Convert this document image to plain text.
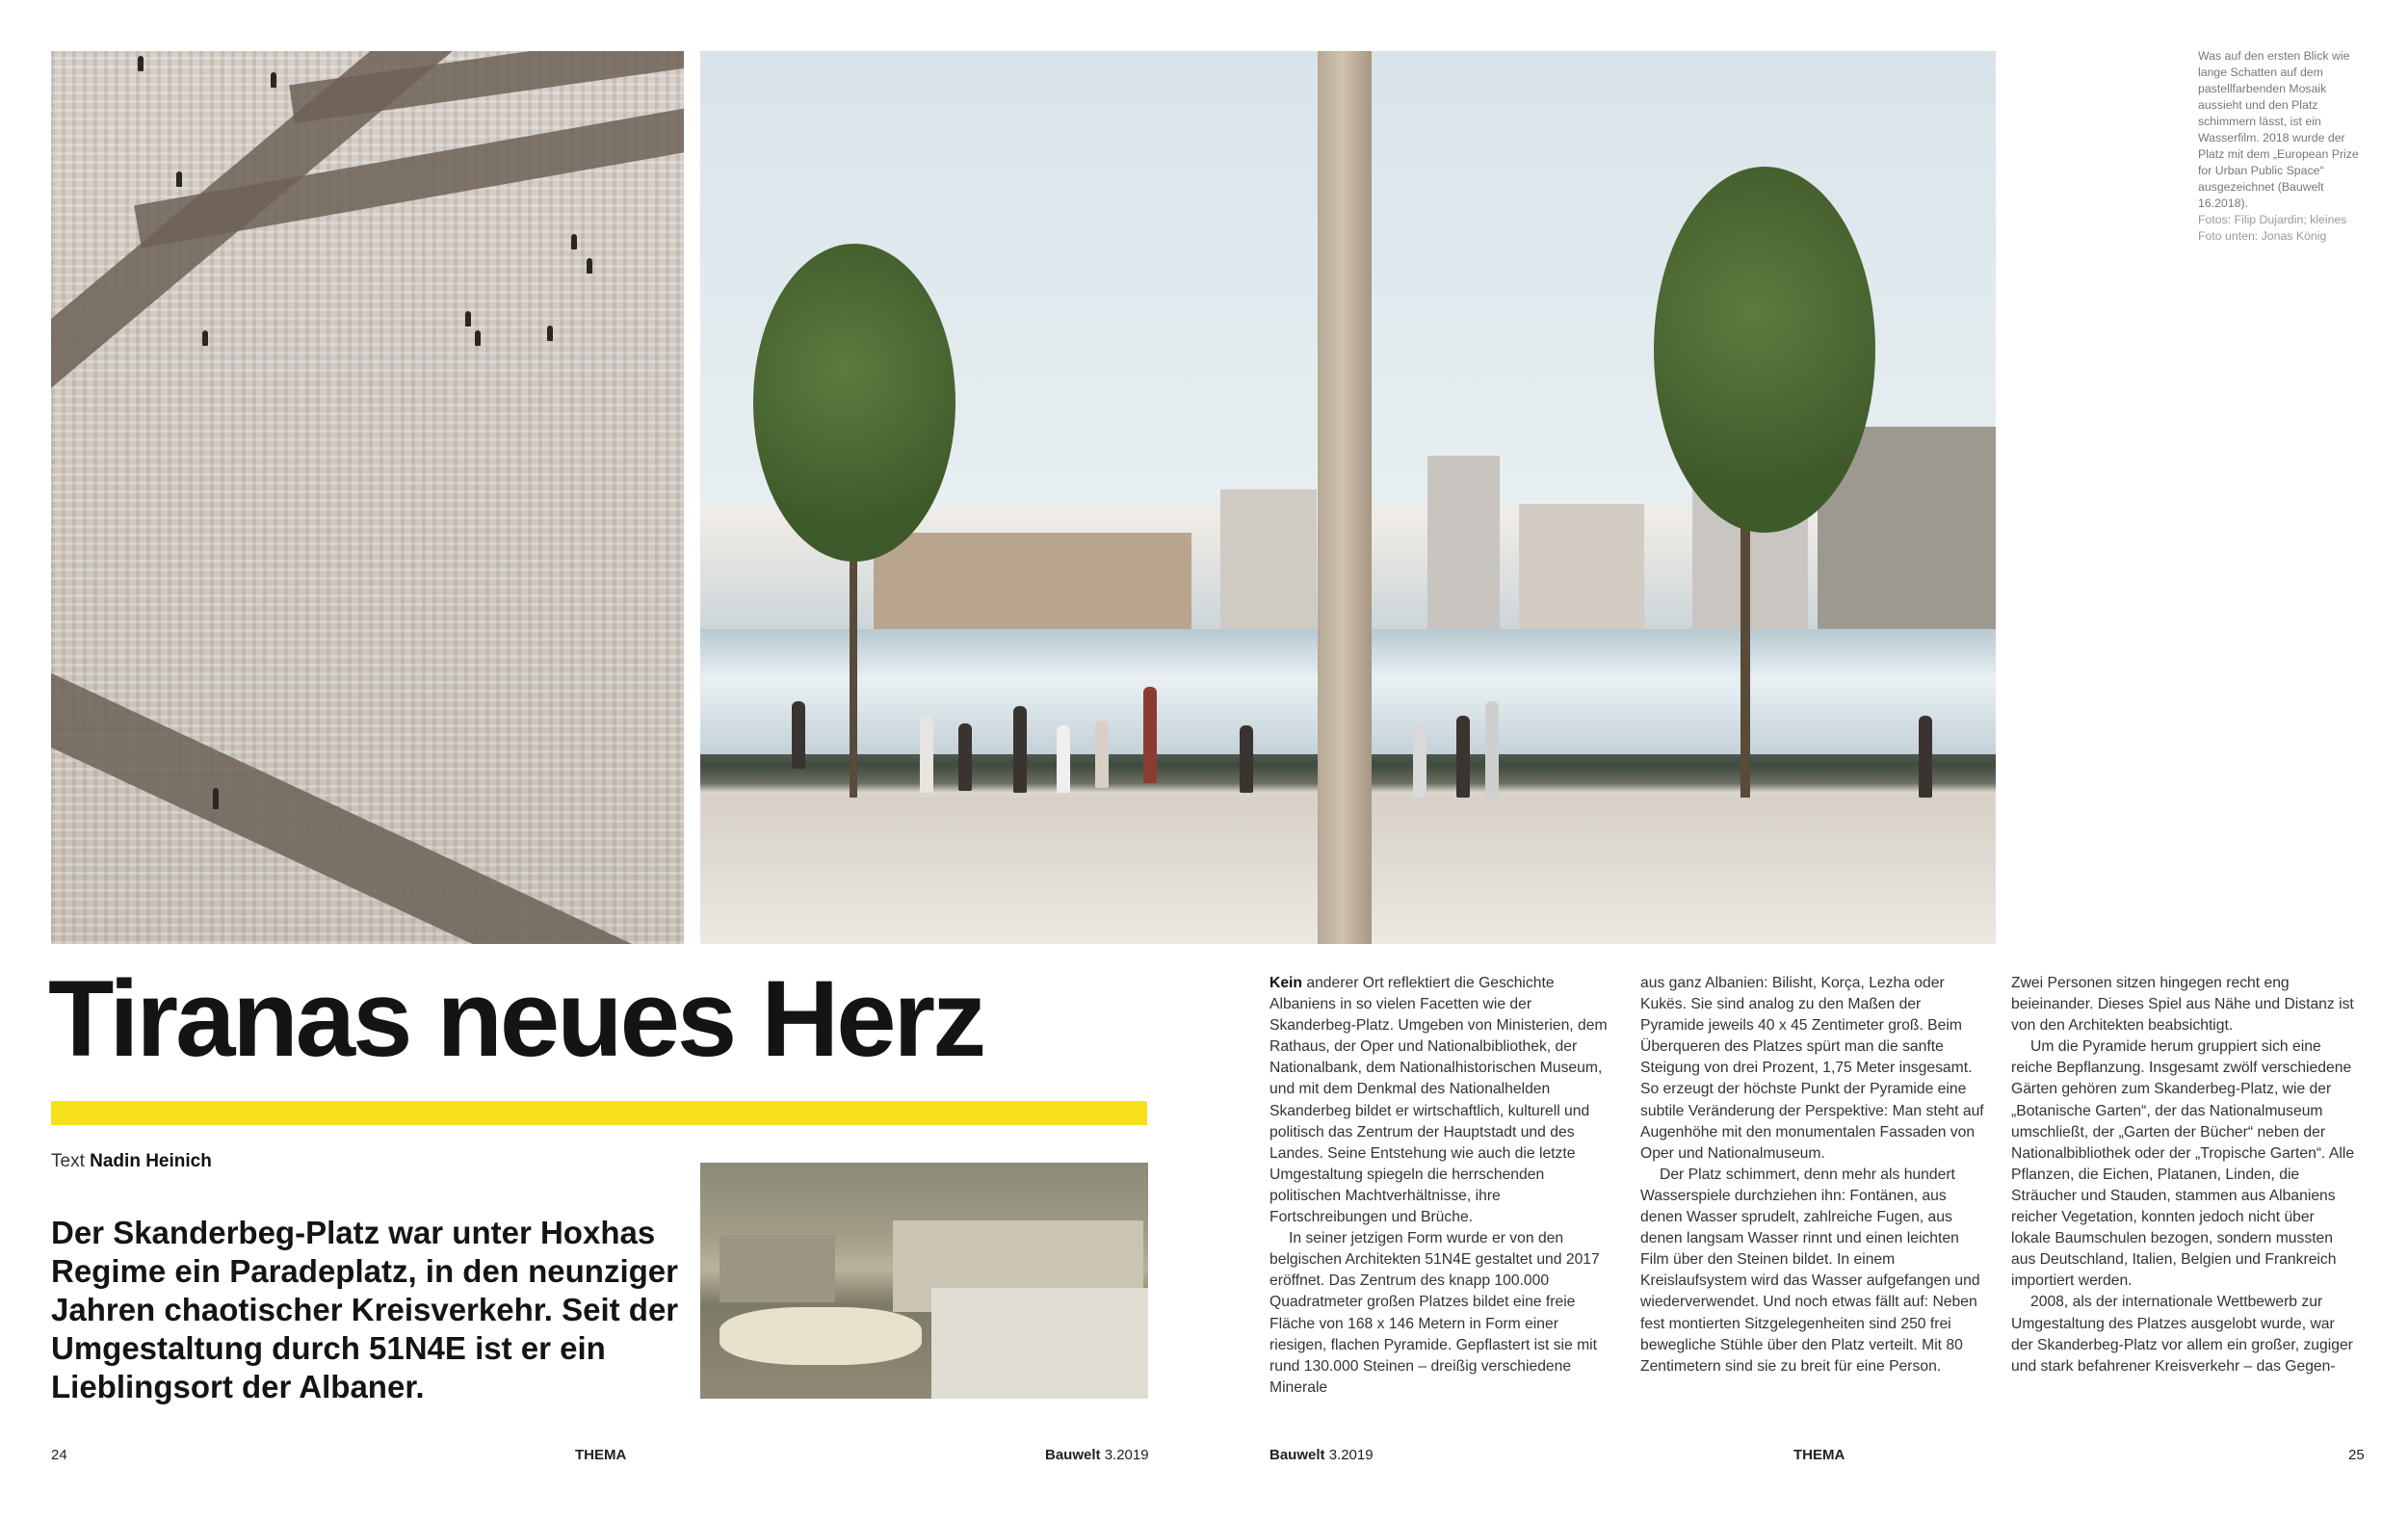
Was auf den ersten Blick wie lange Schatten auf dem pastellfarbenden Mosaik aussieht und den Platz schimmern lässt, ist ein Wasserfilm. 2018 wurde der Platz mit dem „European Prize for Urban Public Space“ ausgezeichnet (Bauwelt 16.2018).
Fotos: Filip Dujardin; kleines Foto unten: Jonas König
Tiranas neues Herz
Text Nadin Heinich

Der Skanderbeg-Platz war unter Hoxhas Regime ein Paradeplatz, in den neunziger Jahren chaotischer Kreisverkehr. Seit der Umgestaltung durch 51N4E ist er ein Lieblingsort der Albaner.

Kein anderer Ort reflektiert die Geschichte Albaniens in so vielen Facetten wie der Skanderbeg-Platz. Umgeben von Ministerien, dem Rathaus, der Oper und Nationalbibliothek, der Nationalbank, dem Nationalhistorischen Museum, und mit dem Denkmal des Nationalhelden Skanderbeg bildet er wirtschaftlich, kulturell und politisch das Zentrum der Hauptstadt und des Landes. Seine Entstehung wie auch die letzte Umgestaltung spiegeln die herrschenden politischen Machtverhältnisse, ihre Fortschreibungen und Brüche.

In seiner jetzigen Form wurde er von den belgischen Architekten 51N4E gestaltet und 2017 eröffnet. Das Zentrum des knapp 100.000 Quadratmeter großen Platzes bildet eine freie Fläche von 168 x 146 Metern in Form einer riesigen, flachen Pyramide. Gepflastert ist sie mit rund 130.000 Steinen – dreißig verschiedene Minerale

aus ganz Albanien: Bilisht, Korça, Lezha oder Kukës. Sie sind analog zu den Maßen der Pyramide jeweils 40 x 45 Zentimeter groß. Beim Überqueren des Platzes spürt man die sanfte Steigung von drei Prozent, 1,75 Meter insgesamt. So erzeugt der höchste Punkt der Pyramide eine subtile Veränderung der Perspektive: Man steht auf Augenhöhe mit den monumentalen Fassaden von Oper und Nationalmuseum.

Der Platz schimmert, denn mehr als hundert Wasserspiele durchziehen ihn: Fontänen, aus denen Wasser sprudelt, zahlreiche Fugen, aus denen langsam Wasser rinnt und einen leichten Film über den Steinen bildet. In einem Kreislaufsystem wird das Wasser aufgefangen und wiederverwendet. Und noch etwas fällt auf: Neben fest montierten Sitzgelegenheiten sind 250 frei bewegliche Stühle über den Platz verteilt. Mit 80 Zentimetern sind sie zu breit für eine Person.

Zwei Personen sitzen hingegen recht eng beieinander. Dieses Spiel aus Nähe und Distanz ist von den Architekten beabsichtigt.

Um die Pyramide herum gruppiert sich eine reiche Bepflanzung. Insgesamt zwölf verschiedene Gärten gehören zum Skanderbeg-Platz, wie der „Botanische Garten“, der das Nationalmuseum umschließt, der „Garten der Bücher“ neben der Nationalbibliothek oder der „Tropische Garten“. Alle Pflanzen, die Eichen, Platanen, Linden, die Sträucher und Stauden, stammen aus Albaniens reicher Vegetation, konnten jedoch nicht über lokale Baumschulen bezogen, sondern mussten aus Deutschland, Italien, Belgien und Frankreich importiert werden.

2008, als der internationale Wettbewerb zur Umgestaltung des Platzes ausgelobt wurde, war der Skanderbeg-Platz vor allem ein großer, zugiger und stark befahrener Kreisverkehr – das Gegen-

24	THEMA	Bauwelt 3.2019	Bauwelt 3.2019	THEMA	25
